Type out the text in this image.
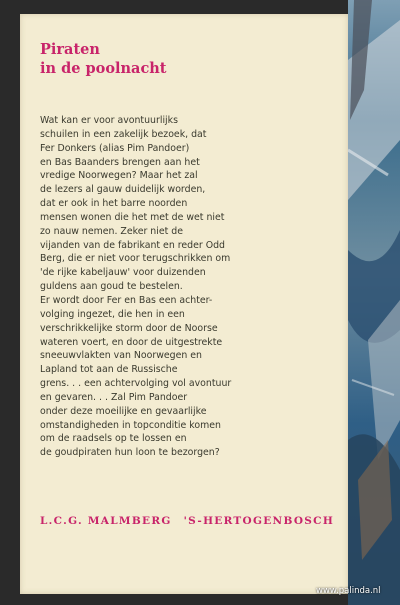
Piraten
in de poolnacht
Wat kan er voor avontuurlijks
schuilen in een zakelijk bezoek, dat
Fer Donkers (alias Pim Pandoer)
en Bas Baanders brengen aan het
vredige Noorwegen? Maar het zal
de lezers al gauw duidelijk worden,
dat er ook in het barre noorden
mensen wonen die het met de wet niet
zo nauw nemen. Zeker niet de
vijanden van de fabrikant en reder Odd
Berg, die er niet voor terugschrikken om
'de rijke kabeljauw' voor duizenden
guldens aan goud te bestelen.
Er wordt door Fer en Bas een achter-
volging ingezet, die hen in een
verschrikkelijke storm door de Noorse
wateren voert, en door de uitgestrekte
sneeuwvlakten van Noorwegen en
Lapland tot aan de Russische
grens. . . een achtervolging vol avontuur
en gevaren. . . Zal Pim Pandoer
onder deze moeilijke en gevaarlijke
omstandigheden in topconditie komen
om de raadsels op te lossen en
de goudpiraten hun loon te bezorgen?
L.C.G. MALMBERG 'S-HERTOGENBOSCH
www.palinda.nl
